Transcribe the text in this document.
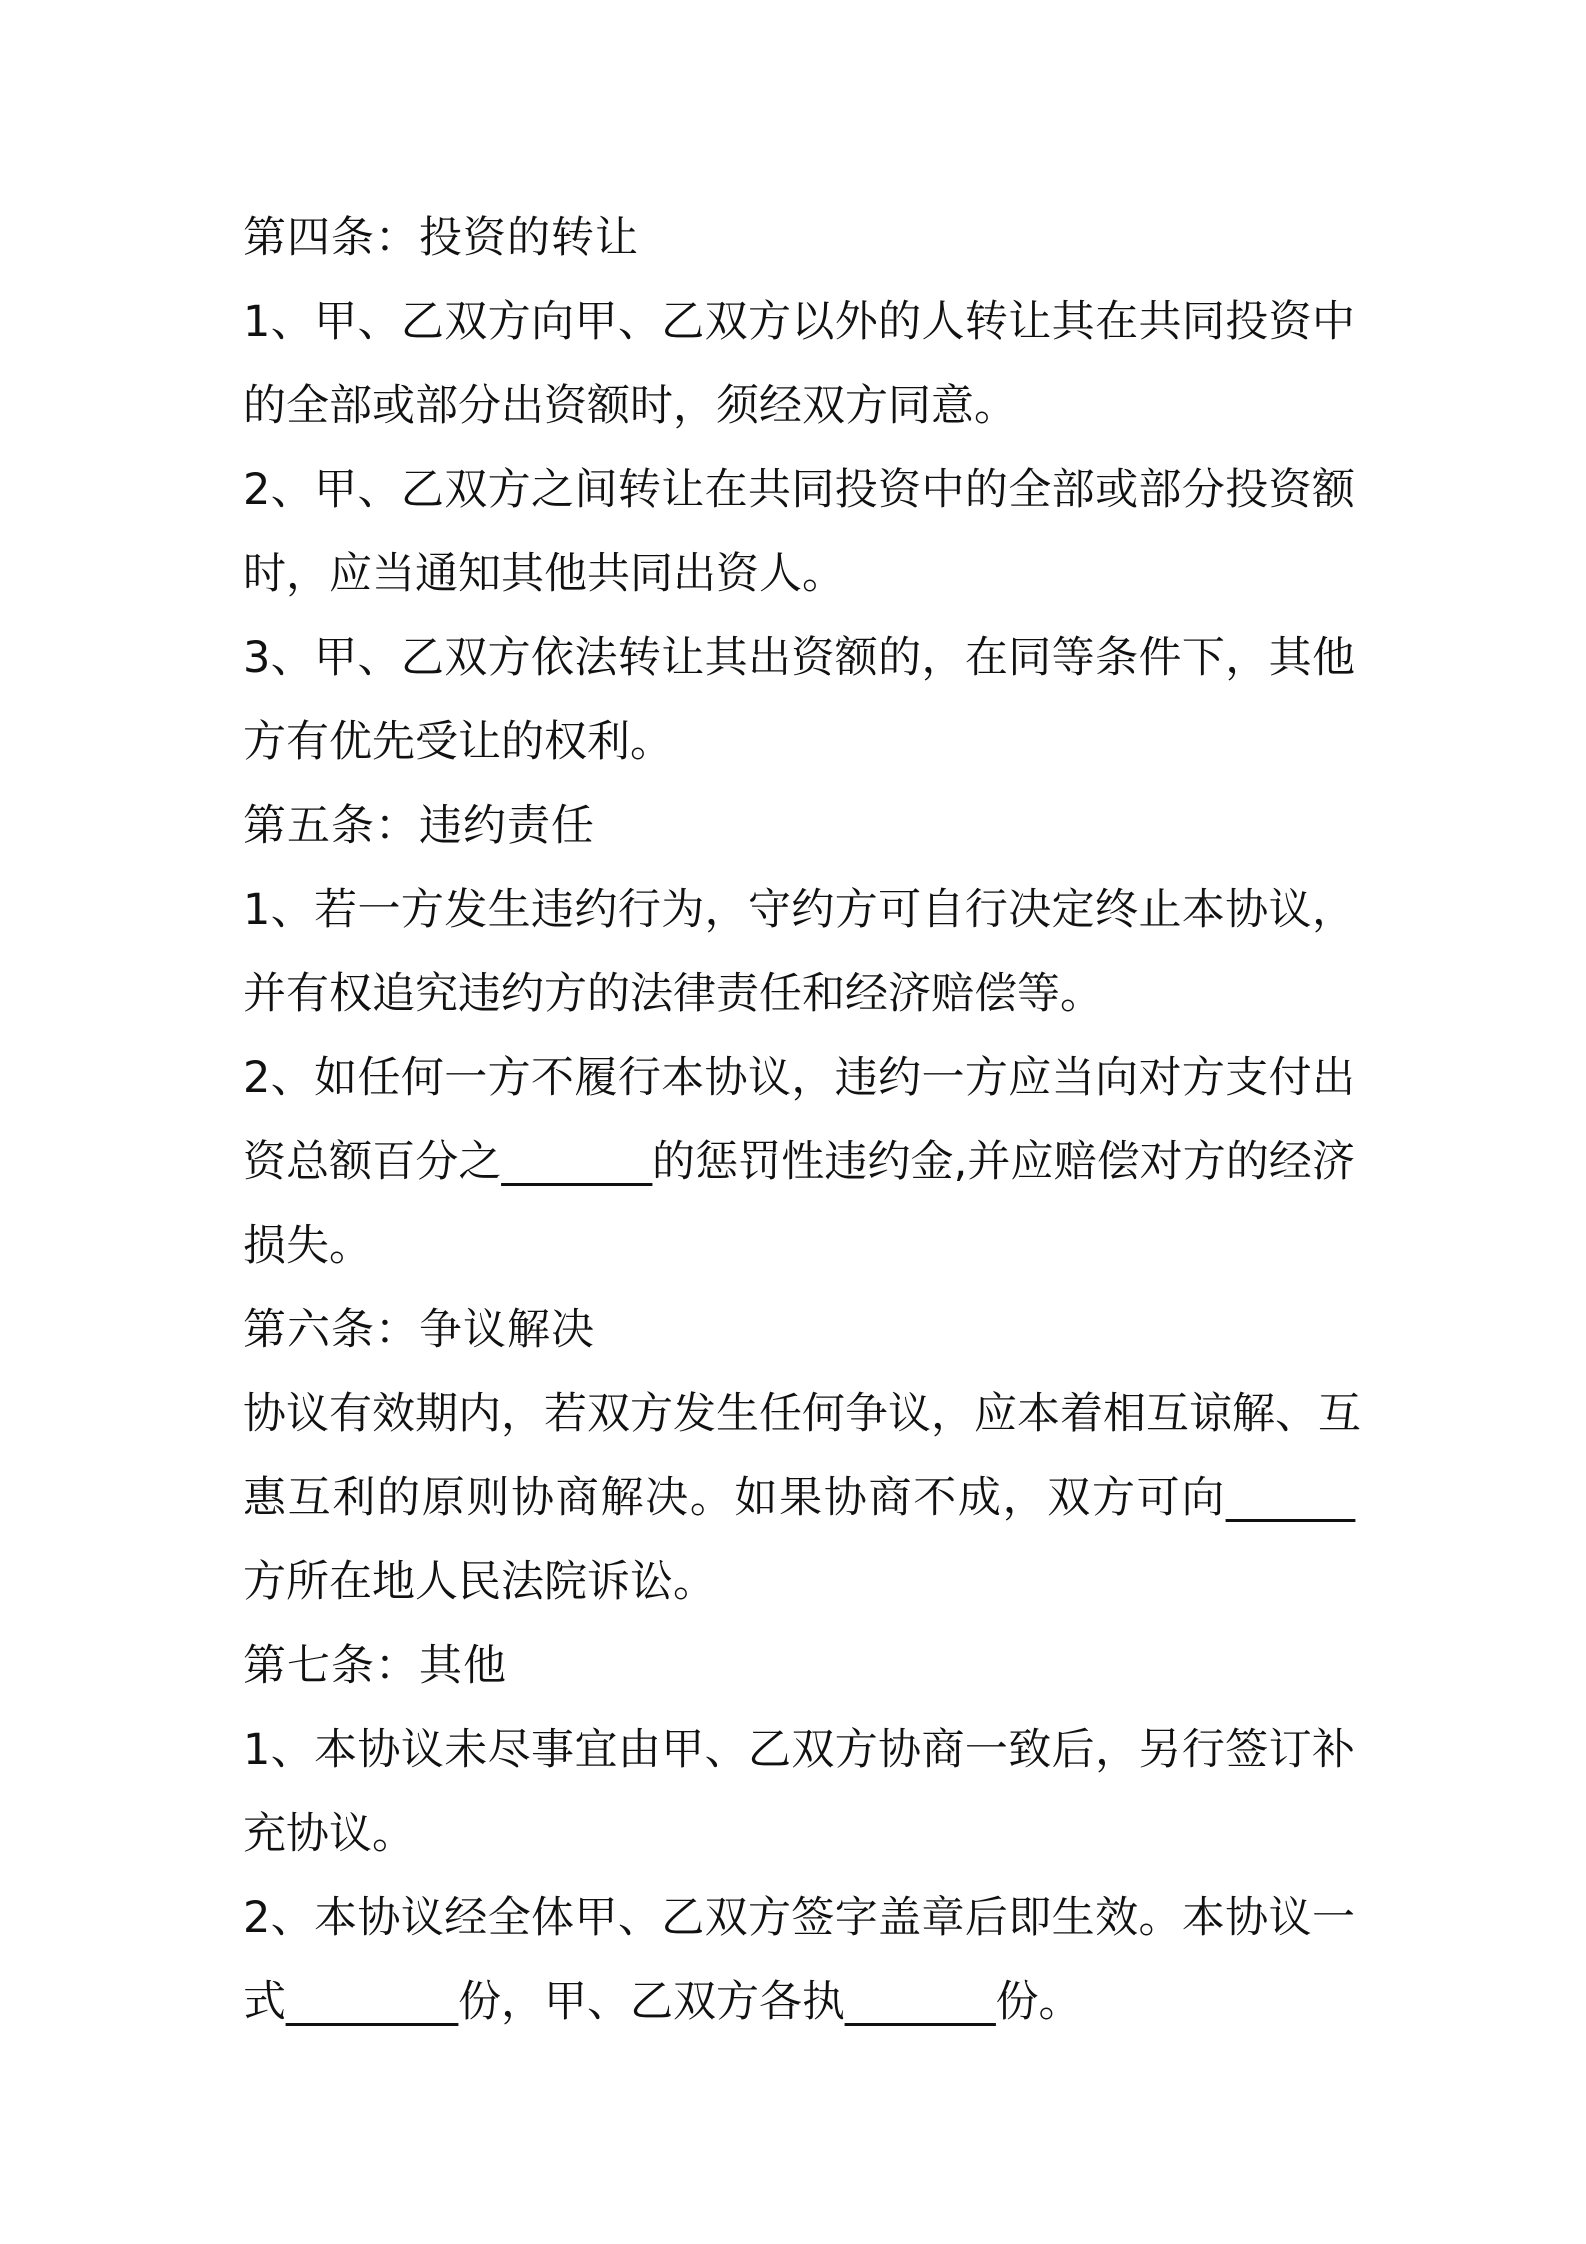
第四条：投资的转让
1、甲、乙双方向甲、乙双方以外的人转让其在共同投资中
的全部或部分出资额时，须经双方同意。
2、甲、乙双方之间转让在共同投资中的全部或部分投资额
时，应当通知其他共同出资人。
3、甲、乙双方依法转让其出资额的，在同等条件下，其他
方有优先受让的权利。
第五条：违约责任
1、若一方发生违约行为，守约方可自行决定终止本协议，
并有权追究违约方的法律责任和经济赔偿等。
2、如任何一方不履行本协议，违约一方应当向对方支付出
资总额百分之_______的惩罚性违约金,并应赔偿对方的经济
损失。
第六条：争议解决
协议有效期内，若双方发生任何争议，应本着相互谅解、互
惠互利的原则协商解决。如果协商不成，双方可向______
方所在地人民法院诉讼。
第七条：其他
1、本协议未尽事宜由甲、乙双方协商一致后，另行签订补
充协议。
2、本协议经全体甲、乙双方签字盖章后即生效。本协议一
式________份，甲、乙双方各执_______份。
